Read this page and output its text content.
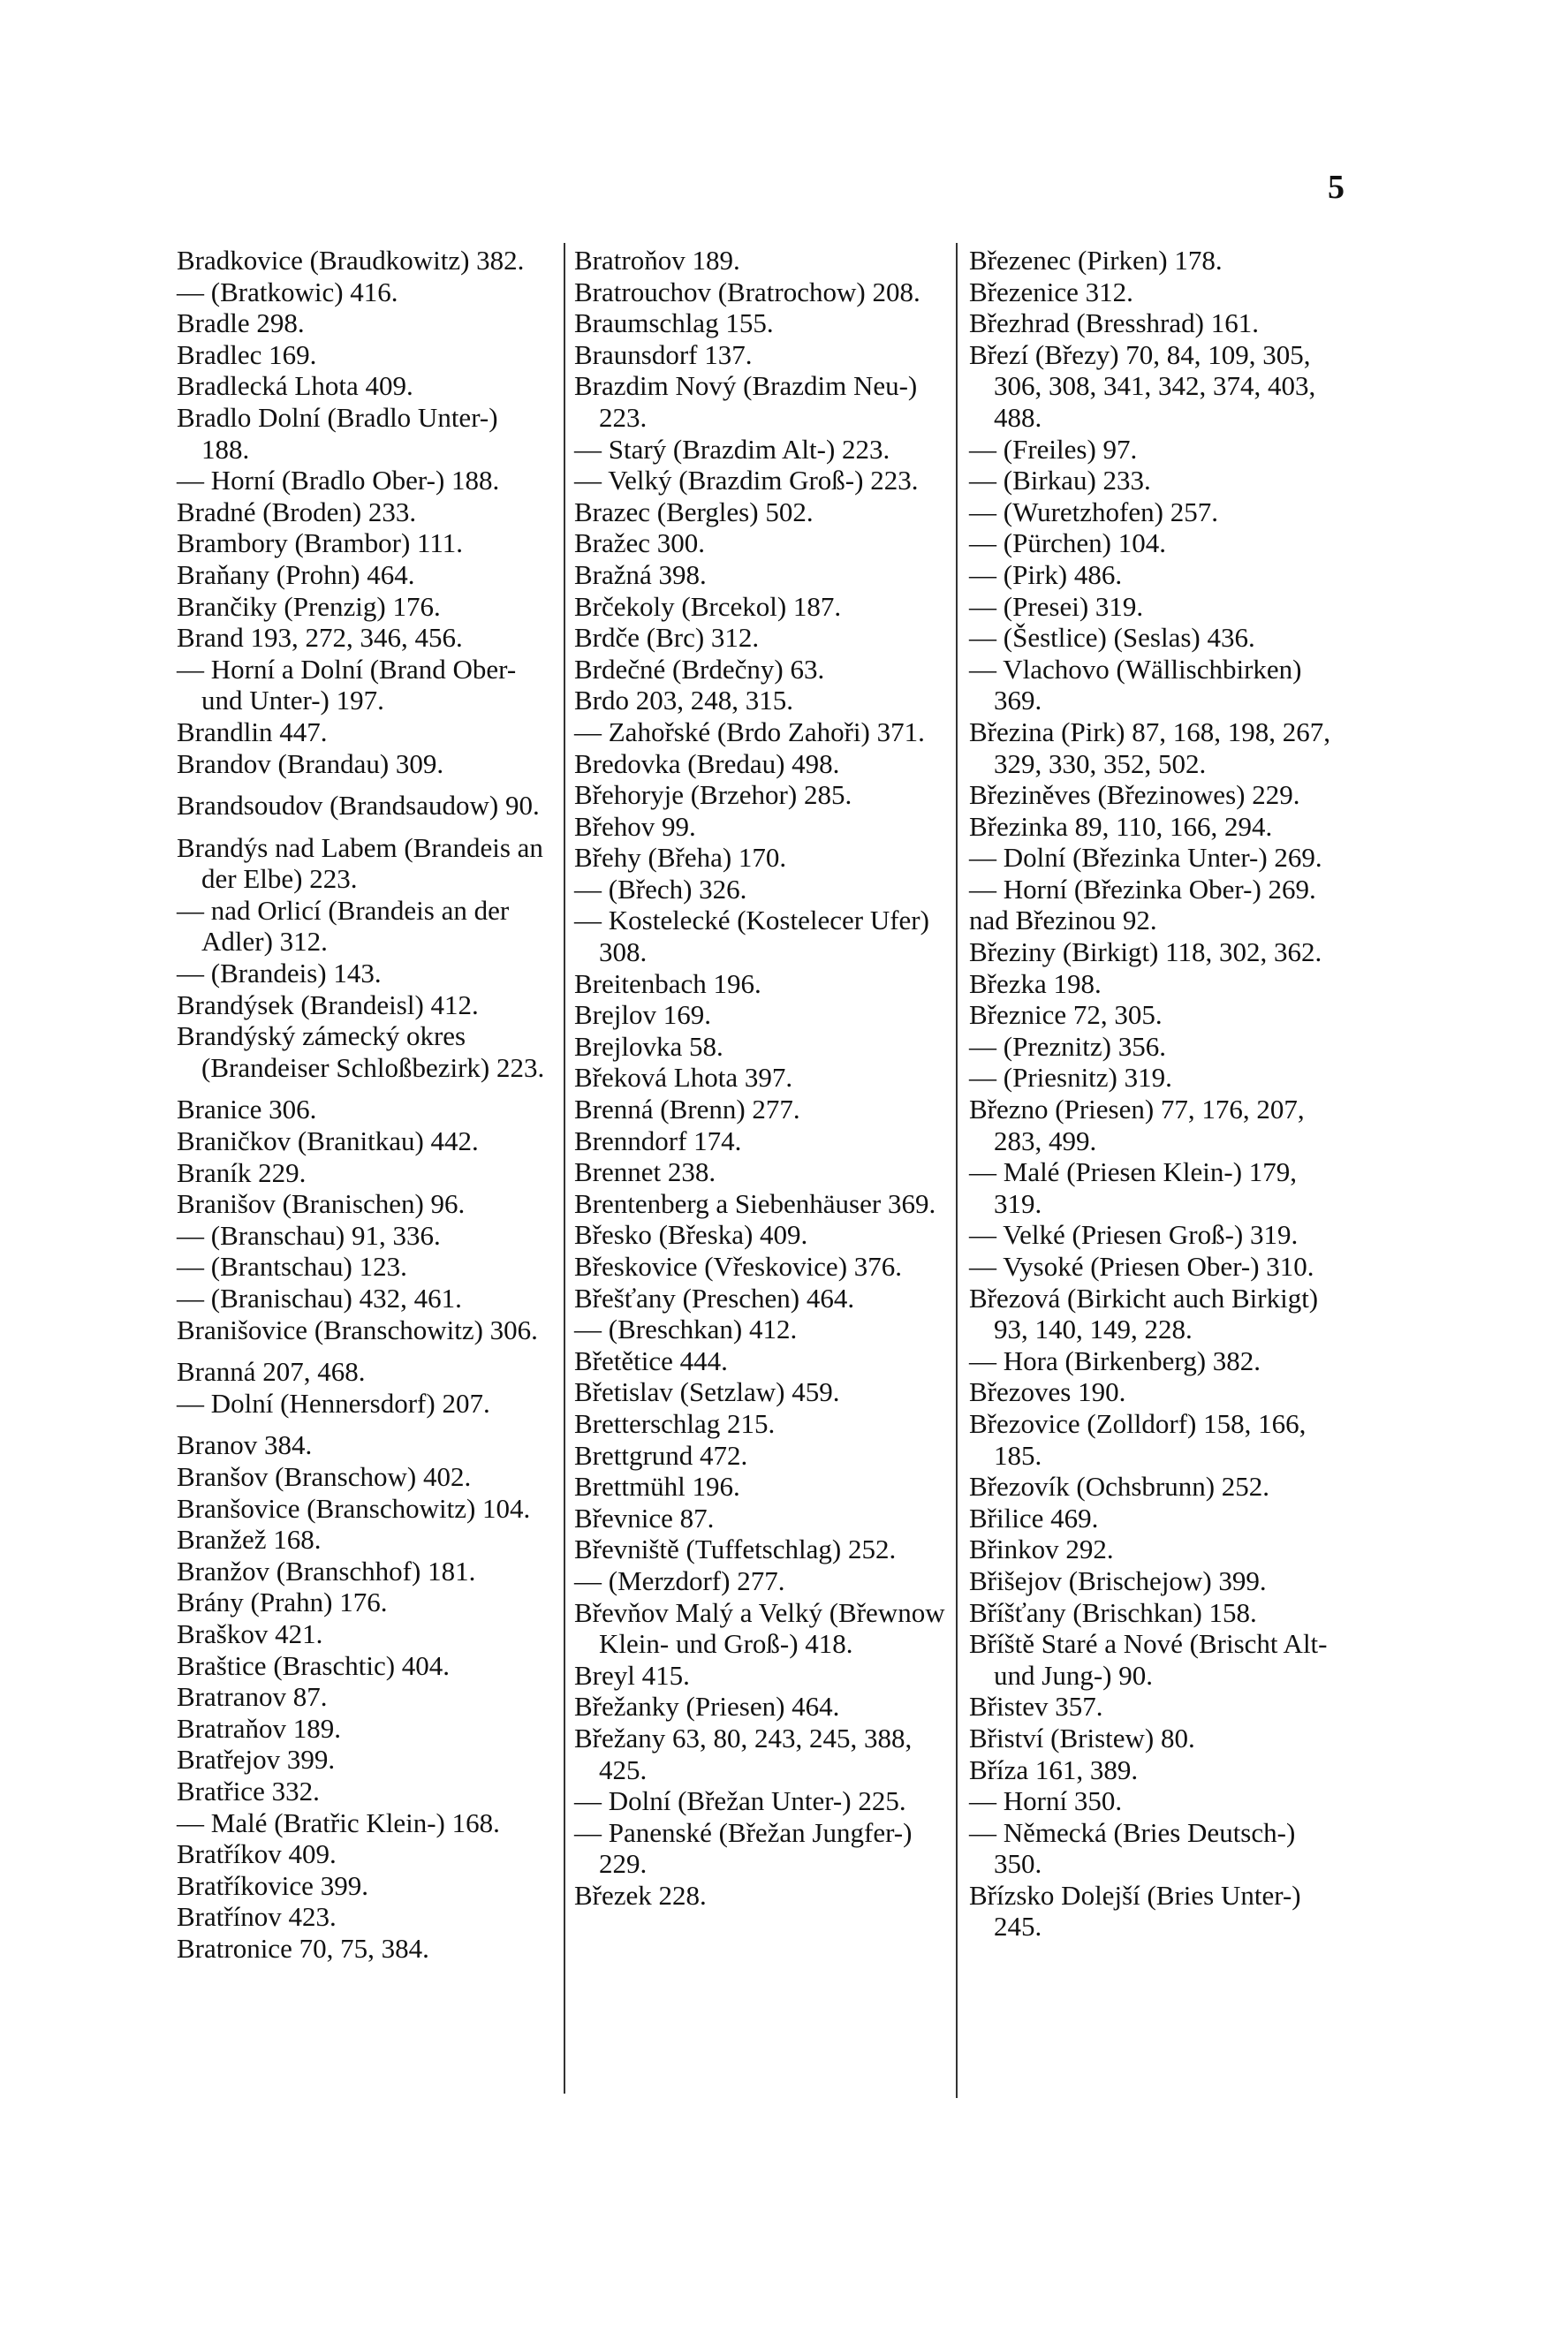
5

Bradkovice (Braudkowitz) 382.

— (Bratkowic) 416.

Bradle 298.

Bradlec 169.

Bradlecká Lhota 409.

Bradlo Dolní (Bradlo Unter-) 188.

— Horní (Bradlo Ober-) 188.

Bradné (Broden) 233.

Brambory (Brambor) 111.

Braňany (Prohn) 464.

Brančiky (Prenzig) 176.

Brand 193, 272, 346, 456.

— Horní a Dolní (Brand Ober- und Unter-) 197.

Brandlin 447.

Brandov (Brandau) 309.

Brandsoudov (Brandsaudow) 90.

Brandýs nad Labem (Brandeis an der Elbe) 223.

— nad Orlicí (Brandeis an der Adler) 312.

— (Brandeis) 143.

Brandýsek (Brandeisl) 412.

Brandýský zámecký okres (Brandeiser Schloßbezirk) 223.

Branice 306.

Braničkov (Branitkau) 442.

Braník 229.

Branišov (Branischen) 96.

— (Branschau) 91, 336.

— (Brantschau) 123.

— (Branischau) 432, 461.

Branišovice (Branschowitz) 306.

Branná 207, 468.

— Dolní (Hennersdorf) 207.

Branov 384.

Branšov (Branschow) 402.

Branšovice (Branschowitz) 104.

Branžež 168.

Branžov (Branschhof) 181.

Brány (Prahn) 176.

Braškov 421.

Braštice (Braschtic) 404.

Bratranov 87.

Bratraňov 189.

Bratřejov 399.

Bratřice 332.

— Malé (Bratřic Klein-) 168.

Bratříkov 409.

Bratříkovice 399.

Bratřínov 423.

Bratronice 70, 75, 384.

Bratroňov 189.

Bratrouchov (Bratrochow) 208.

Braumschlag 155.

Braunsdorf 137.

Brazdim Nový (Brazdim Neu-) 223.

— Starý (Brazdim Alt-) 223.

— Velký (Brazdim Groß-) 223.

Brazec (Bergles) 502.

Bražec 300.

Bražná 398.

Brčekoly (Brcekol) 187.

Brdče (Brc) 312.

Brdečné (Brdečny) 63.

Brdo 203, 248, 315.

— Zahořské (Brdo Zahoři) 371.

Bredovka (Bredau) 498.

Břehoryje (Brzehor) 285.

Břehov 99.

Břehy (Břeha) 170.

— (Břech) 326.

— Kostelecké (Kostelecer Ufer) 308.

Breitenbach 196.

Brejlov 169.

Brejlovka 58.

Břeková Lhota 397.

Brenná (Brenn) 277.

Brenndorf 174.

Brennet 238.

Brentenberg a Siebenhäuser 369.

Břesko (Břeska) 409.

Břeskovice (Vřeskovice) 376.

Břešťany (Preschen) 464.

— (Breschkan) 412.

Břetětice 444.

Břetislav (Setzlaw) 459.

Bretterschlag 215.

Brettgrund 472.

Brettmühl 196.

Břevnice 87.

Břevniště (Tuffetschlag) 252.

— (Merzdorf) 277.

Břevňov Malý a Velký (Břewnow Klein- und Groß-) 418.

Breyl 415.

Břežanky (Priesen) 464.

Břežany 63, 80, 243, 245, 388, 425.

— Dolní (Břežan Unter-) 225.

— Panenské (Břežan Jungfer-) 229.

Březek 228.

Březenec (Pirken) 178.

Březenice 312.

Březhrad (Bresshrad) 161.

Březí (Březy) 70, 84, 109, 305, 306, 308, 341, 342, 374, 403, 488.

— (Freiles) 97.

— (Birkau) 233.

— (Wuretzhofen) 257.

— (Pürchen) 104.

— (Pirk) 486.

— (Presei) 319.

— (Šestlice) (Seslas) 436.

— Vlachovo (Wällischbirken) 369.

Březina (Pirk) 87, 168, 198, 267, 329, 330, 352, 502.

Březiněves (Březinowes) 229.

Březinka 89, 110, 166, 294.

— Dolní (Březinka Unter-) 269.

— Horní (Březinka Ober-) 269.

nad Březinou 92.

Březiny (Birkigt) 118, 302, 362.

Březka 198.

Březnice 72, 305.

— (Preznitz) 356.

— (Priesnitz) 319.

Březno (Priesen) 77, 176, 207, 283, 499.

— Malé (Priesen Klein-) 179, 319.

— Velké (Priesen Groß-) 319.

— Vysoké (Priesen Ober-) 310.

Březová (Birkicht auch Birkigt) 93, 140, 149, 228.

— Hora (Birkenberg) 382.

Březoves 190.

Březovice (Zolldorf) 158, 166, 185.

Březovík (Ochsbrunn) 252.

Břilice 469.

Břinkov 292.

Břišejov (Brischejow) 399.

Bříšťany (Brischkan) 158.

Bříště Staré a Nové (Brischt Alt- und Jung-) 90.

Břistev 357.

Břiství (Bristew) 80.

Bříza 161, 389.

— Horní 350.

— Německá (Bries Deutsch-) 350.

Břízsko Dolejší (Bries Unter-) 245.
